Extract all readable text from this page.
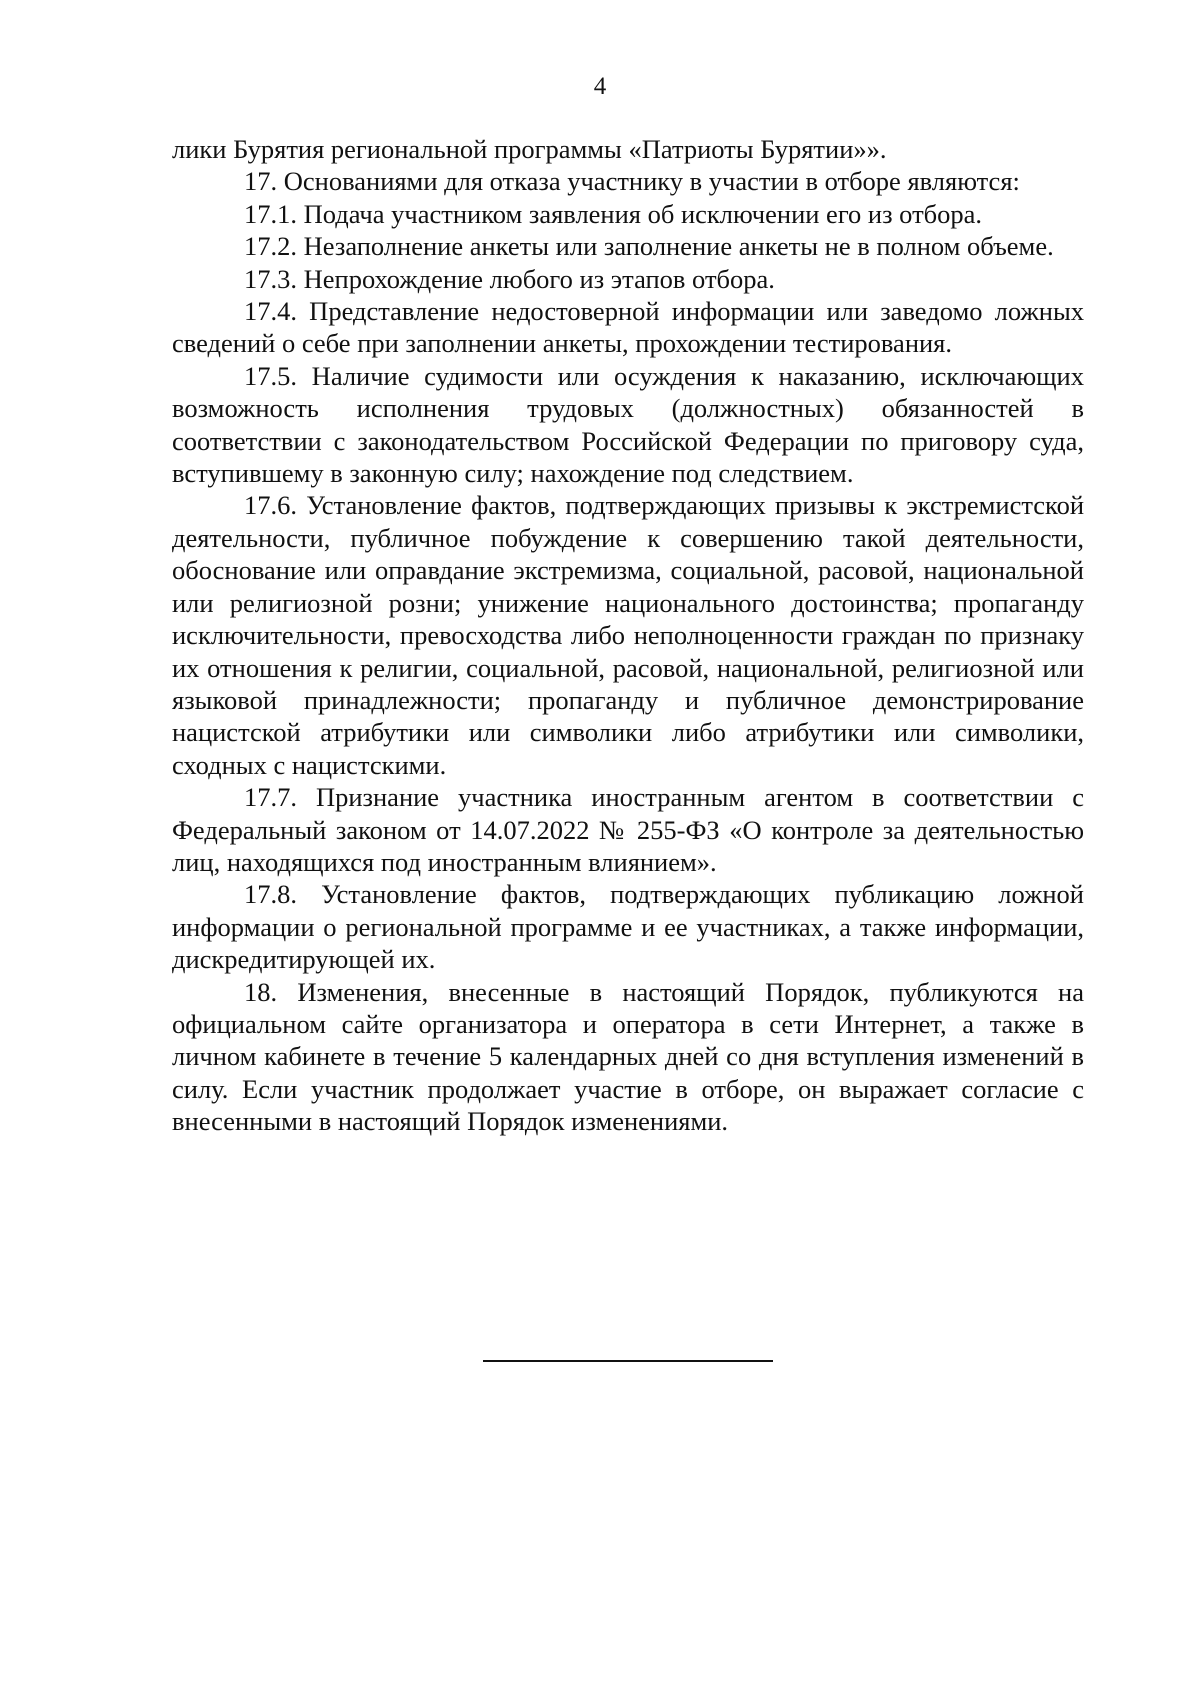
4

лики Бурятия региональной программы «Патриоты Бурятии»».

17. Основаниями для отказа участнику в участии в отборе являются:

17.1. Подача участником заявления об исключении его из отбора.

17.2. Незаполнение анкеты или заполнение анкеты не в полном объеме.

17.3. Непрохождение любого из этапов отбора.

17.4. Представление недостоверной информации или заведомо ложных сведений о себе при заполнении анкеты, прохождении тестирования.

17.5. Наличие судимости или осуждения к наказанию, исключающих возможность исполнения трудовых (должностных) обязанностей в соответствии с законодательством Российской Федерации по приговору суда, вступившему в законную силу; нахождение под следствием.

17.6. Установление фактов, подтверждающих призывы к экстремистской деятельности, публичное побуждение к совершению такой деятельности, обоснование или оправдание экстремизма, социальной, расовой, национальной или религиозной розни; унижение национального достоинства; пропаганду исключительности, превосходства либо неполноценности граждан по признаку их отношения к религии, социальной, расовой, национальной, религиозной или языковой принадлежности; пропаганду и публичное демонстрирование нацистской атрибутики или символики либо атрибутики или символики, сходных с нацистскими.

17.7. Признание участника иностранным агентом в соответствии с Федеральный законом от 14.07.2022 № 255-ФЗ «О контроле за деятельностью лиц, находящихся под иностранным влиянием».

17.8. Установление фактов, подтверждающих публикацию ложной информации о региональной программе и ее участниках, а также информации, дискредитирующей их.

18. Изменения, внесенные в настоящий Порядок, публикуются на официальном сайте организатора и оператора в сети Интернет, а также в личном кабинете в течение 5 календарных дней со дня вступления изменений в силу. Если участник продолжает участие в отборе, он выражает согласие с внесенными в настоящий Порядок изменениями.
